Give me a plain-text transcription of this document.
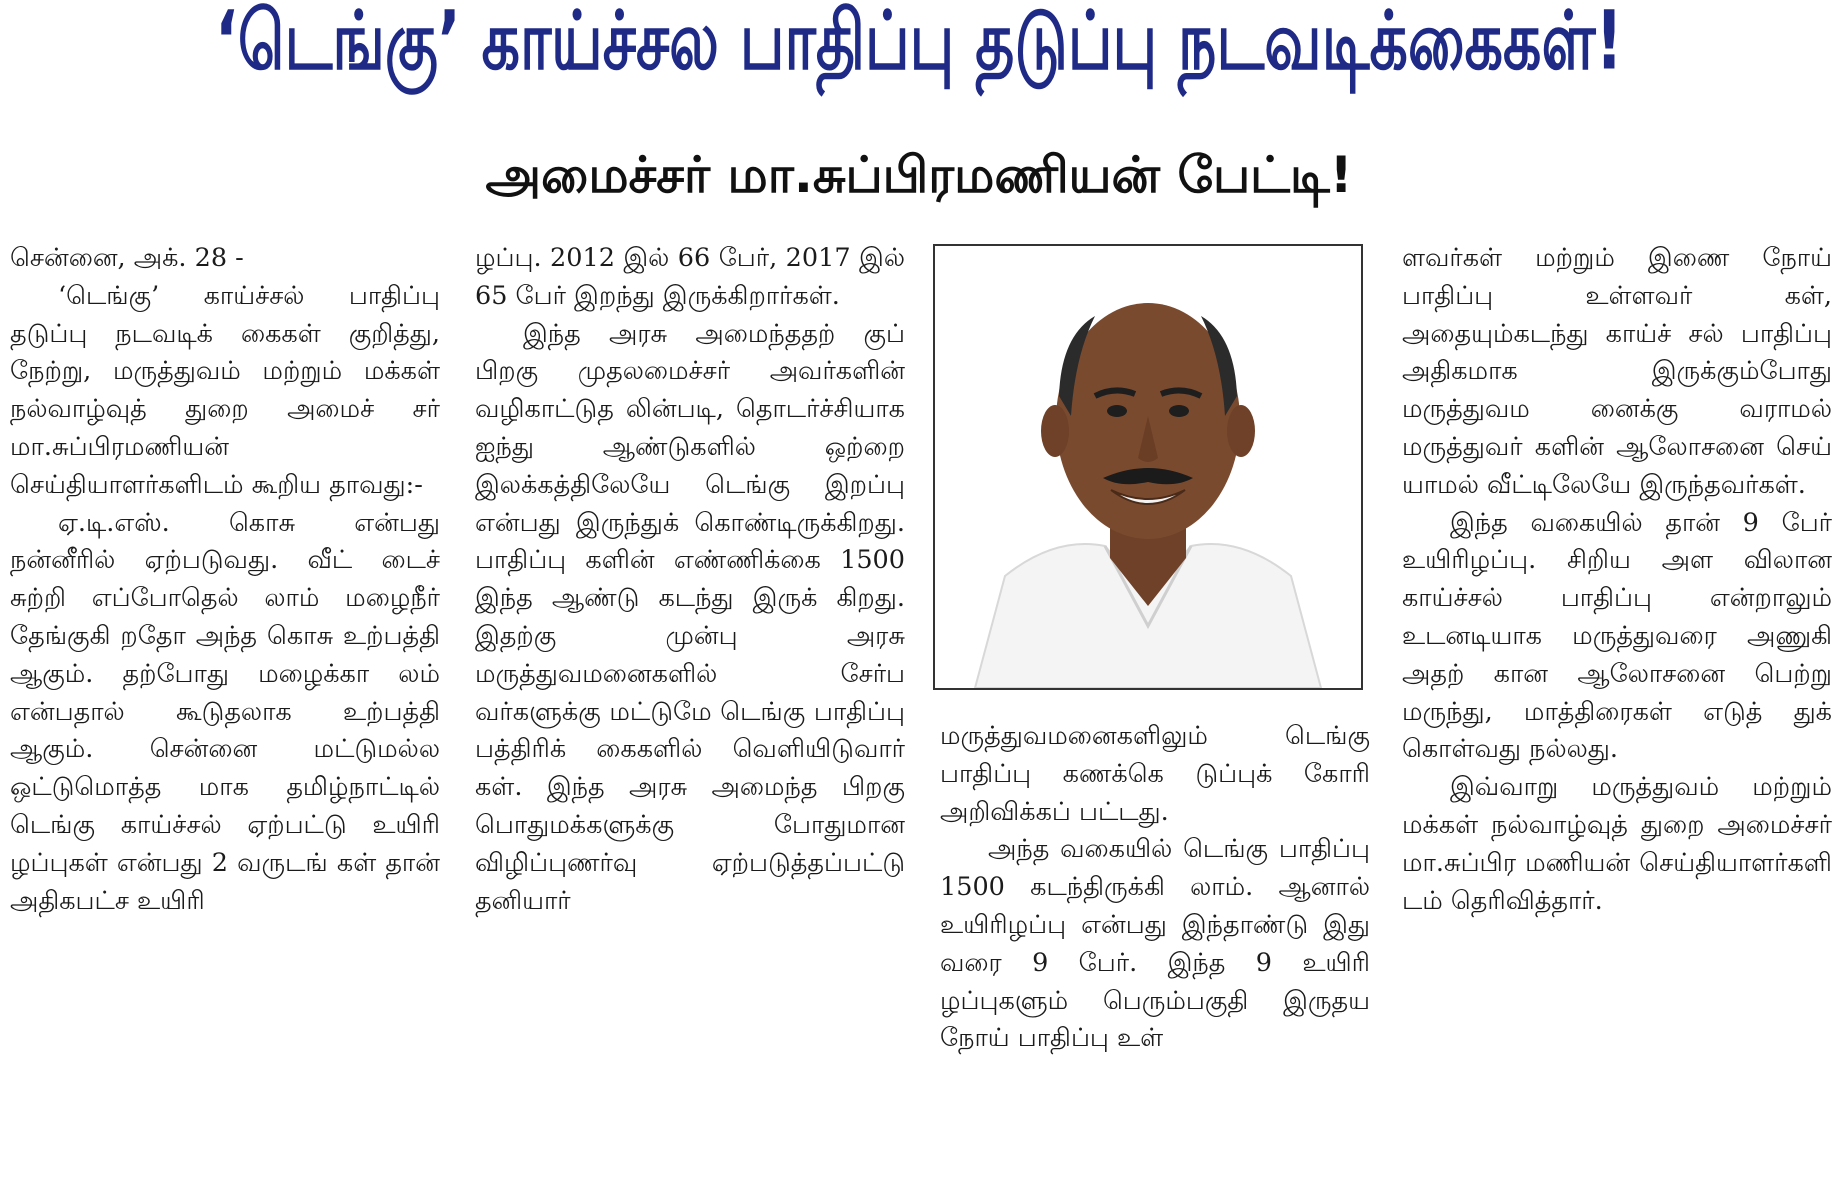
‘டெங்கு’ காய்ச்சல பாதிப்பு தடுப்பு நடவடிக்கைகள்!
அமைச்சர் மா.சுப்பிரமணியன் பேட்டி!

சென்னை, அக். 28 -

‘டெங்கு’ காய்ச்சல் பாதிப்பு தடுப்பு நடவடிக் கைகள் குறித்து, நேற்று, மருத்துவம் மற்றும் மக்கள் நல்வாழ்வுத் துறை அமைச் சர் மா.சுப்பிரமணியன் செய்தியாளர்களிடம் கூறிய தாவது:-

ஏ.டி.எஸ். கொசு என்பது நன்னீரில் ஏற்படுவது. வீட் டைச் சுற்றி எப்போதெல் லாம் மழைநீர் தேங்குகி றதோ அந்த கொசு உற்பத்தி ஆகும். தற்போது மழைக்கா லம் என்பதால் கூடுதலாக உற்பத்தி ஆகும். சென்னை மட்டுமல்ல ஒட்டுமொத்த மாக தமிழ்நாட்டில் டெங்கு காய்ச்சல் ஏற்பட்டு உயிரி ழப்புகள் என்பது 2 வருடங் கள் தான் அதிகபட்ச உயிரி

ழப்பு. 2012 இல் 66 பேர், 2017 இல் 65 பேர் இறந்து இருக்கிறார்கள்.

இந்த அரசு அமைந்ததற் குப் பிறகு முதலமைச்சர் அவர்களின் வழிகாட்டுத லின்படி, தொடர்ச்சியாக ஐந்து ஆண்டுகளில் ஒற்றை இலக்கத்திலேயே டெங்கு இறப்பு என்பது இருந்துக் கொண்டிருக்கிறது. பாதிப்பு களின் எண்ணிக்கை 1500 இந்த ஆண்டு கடந்து இருக் கிறது. இதற்கு முன்பு அரசு மருத்துவமனைகளில் சேர்ப வர்களுக்கு மட்டுமே டெங்கு பாதிப்பு பத்திரிக் கைகளில் வெளியிடுவார் கள். இந்த அரசு அமைந்த பிறகு பொதுமக்களுக்கு போதுமான விழிப்புணர்வு ஏற்படுத்தப்பட்டு தனியார்

மருத்துவமனைகளிலும் டெங்கு பாதிப்பு கணக்கெ டுப்புக் கோரி அறிவிக்கப் பட்டது.

அந்த வகையில் டெங்கு பாதிப்பு 1500 கடந்திருக்கி லாம். ஆனால் உயிரிழப்பு என்பது இந்தாண்டு இது வரை 9 பேர். இந்த 9 உயிரி ழப்புகளும் பெரும்பகுதி இருதய நோய் பாதிப்பு உள்

ளவர்கள் மற்றும் இணை நோய் பாதிப்பு உள்ளவர் கள், அதையும்கடந்து காய்ச் சல் பாதிப்பு அதிகமாக இருக்கும்போது மருத்துவம னைக்கு வராமல் மருத்துவர் களின் ஆலோசனை செய் யாமல் வீட்டிலேயே இருந்தவர்கள்.

இந்த வகையில் தான் 9 பேர் உயிரிழப்பு. சிறிய அள விலான காய்ச்சல் பாதிப்பு என்றாலும் உடனடியாக மருத்துவரை அணுகி அதற் கான ஆலோசனை பெற்று மருந்து, மாத்திரைகள் எடுத் துக் கொள்வது நல்லது.

இவ்வாறு மருத்துவம் மற்றும் மக்கள் நல்வாழ்வுத் துறை அமைச்சர் மா.சுப்பிர மணியன் செய்தியாளர்களி டம் தெரிவித்தார்.
